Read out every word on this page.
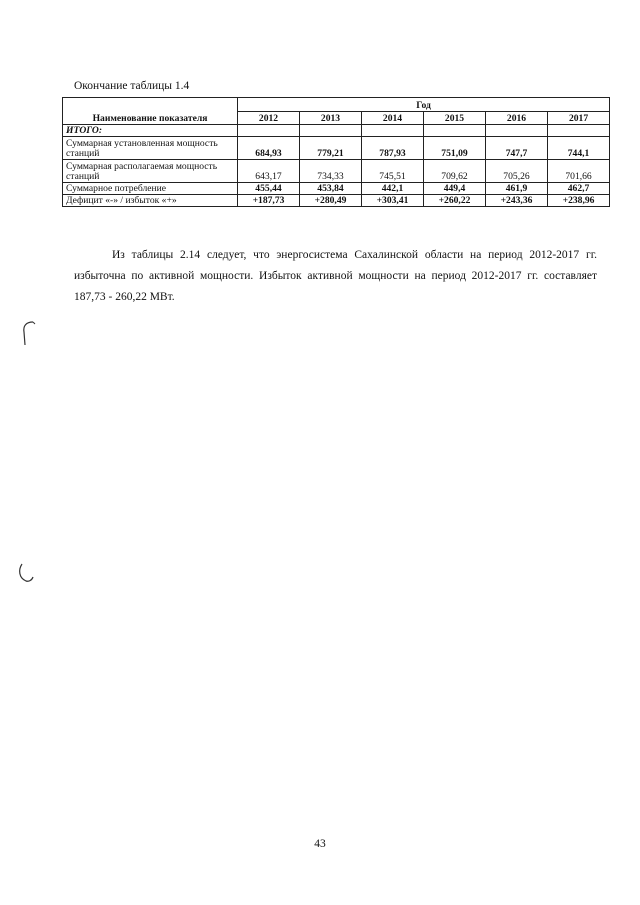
Окончание таблицы 1.4
Наименование показателя	Год					
	2012	2013	2014	2015	2016	2017
ИТОГО:						
Суммарная установленная мощность станций	684,93	779,21	787,93	751,09	747,7	744,1
Суммарная располагаемая мощность станций	643,17	734,33	745,51	709,62	705,26	701,66
Суммарное потребление	455,44	453,84	442,1	449,4	461,9	462,7
Дефицит «-» / избыток «+»	+187,73	+280,49	+303,41	+260,22	+243,36	+238,96

Из таблицы 2.14 следует, что энергосистема Сахалинской области на период 2012-2017 гг. избыточна по активной мощности. Избыток активной мощности на период 2012-2017 гг. составляет 187,73 - 260,22 МВт.

43
